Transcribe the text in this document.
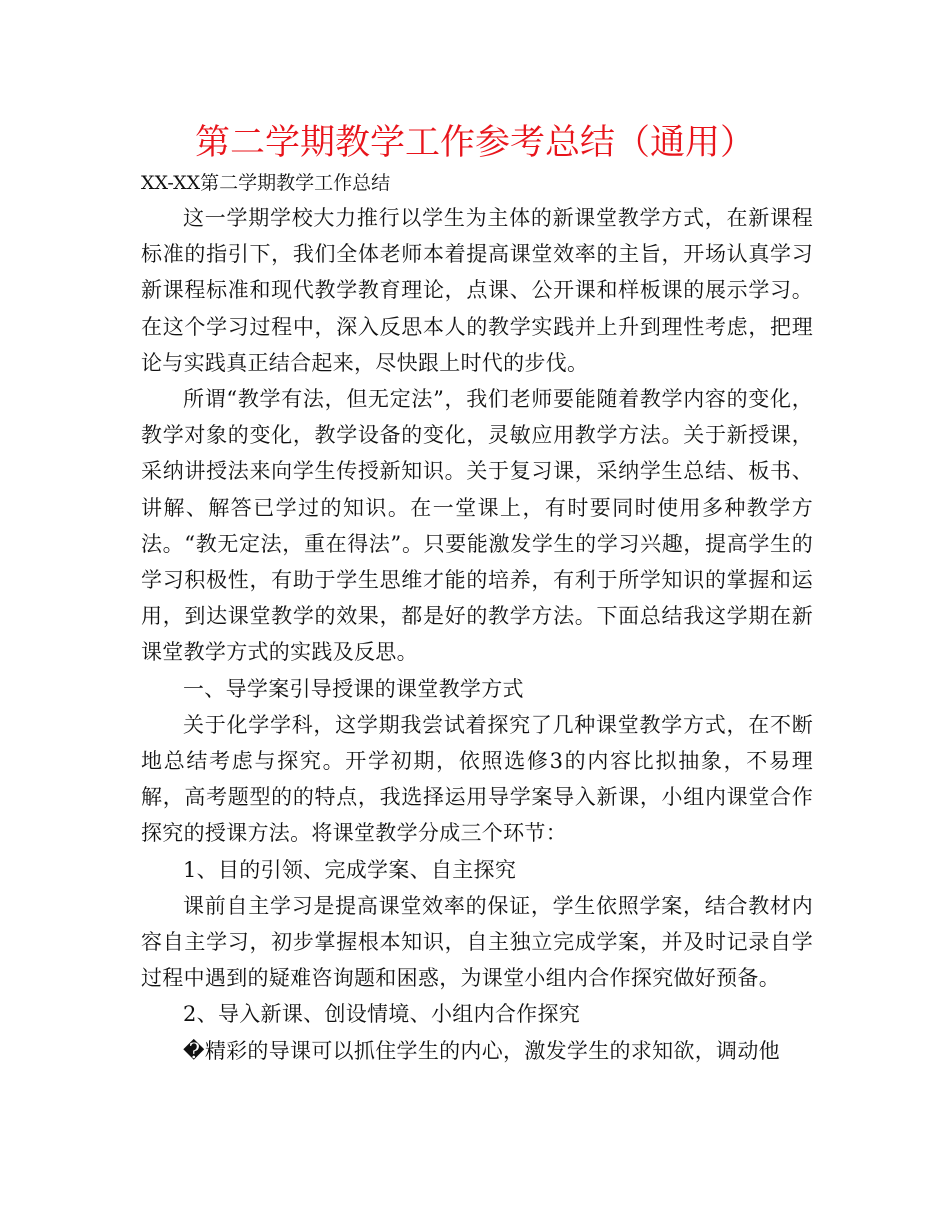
第二学期教学工作参考总结（通用）
XX-XX第二学期教学工作总结

这一学期学校大力推行以学生为主体的新课堂教学方式，在新课程标准的指引下，我们全体老师本着提高课堂效率的主旨，开场认真学习新课程标准和现代教学教育理论，点课、公开课和样板课的展示学习。在这个学习过程中，深入反思本人的教学实践并上升到理性考虑，把理论与实践真正结合起来，尽快跟上时代的步伐。

所谓“教学有法，但无定法”，我们老师要能随着教学内容的变化，教学对象的变化，教学设备的变化，灵敏应用教学方法。关于新授课，采纳讲授法来向学生传授新知识。关于复习课，采纳学生总结、板书、讲解、解答已学过的知识。在一堂课上，有时要同时使用多种教学方法。“教无定法，重在得法”。只要能激发学生的学习兴趣，提高学生的学习积极性，有助于学生思维才能的培养，有利于所学知识的掌握和运用，到达课堂教学的效果，都是好的教学方法。下面总结我这学期在新课堂教学方式的实践及反思。

一、导学案引导授课的课堂教学方式

关于化学学科，这学期我尝试着探究了几种课堂教学方式，在不断地总结考虑与探究。开学初期，依照选修3的内容比拟抽象，不易理解，高考题型的的特点，我选择运用导学案导入新课，小组内课堂合作探究的授课方法。将课堂教学分成三个环节：

1、目的引领、完成学案、自主探究

课前自主学习是提高课堂效率的保证，学生依照学案，结合教材内容自主学习，初步掌握根本知识，自主独立完成学案，并及时记录自学过程中遇到的疑难咨询题和困惑，为课堂小组内合作探究做好预备。

2、导入新课、创设情境、小组内合作探究

�精彩的导课可以抓住学生的内心，激发学生的求知欲，调动他
